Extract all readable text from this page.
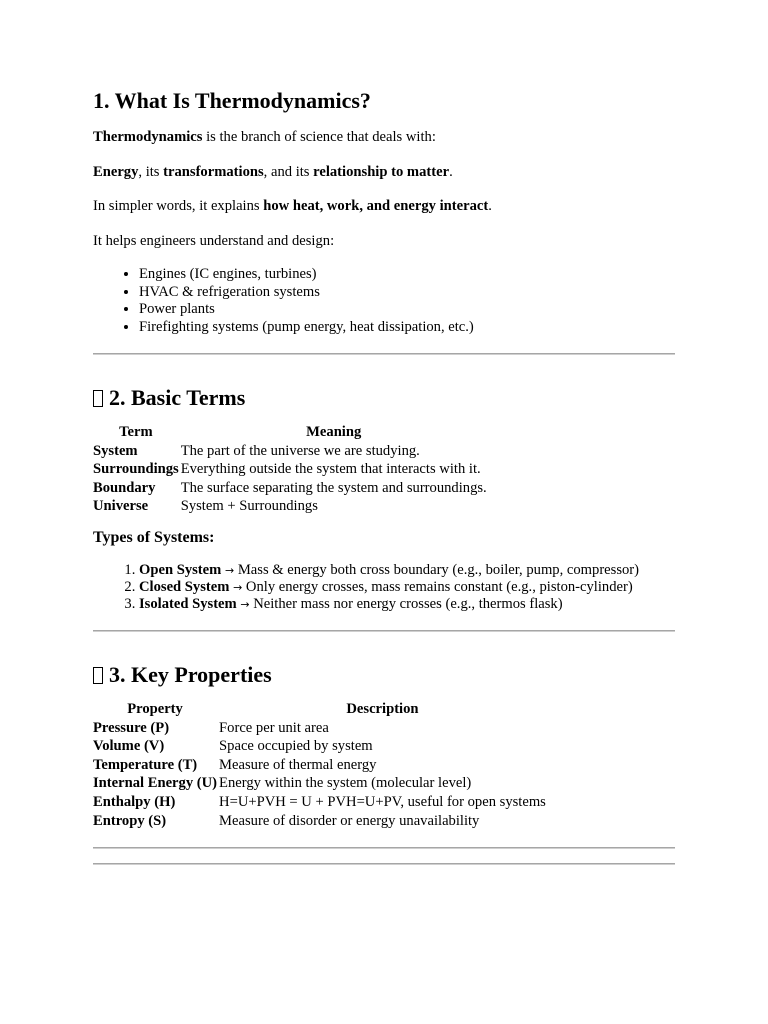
1. What Is Thermodynamics?

Thermodynamics is the branch of science that deals with:

Energy, its transformations, and its relationship to matter.

In simpler words, it explains how heat, work, and energy interact.

It helps engineers understand and design:

• Engines (IC engines, turbines)
• HVAC & refrigeration systems
• Power plants
• Firefighting systems (pump energy, heat dissipation, etc.)
2. Basic Terms
Term	Meaning
System	The part of the universe we are studying.
Surroundings	Everything outside the system that interacts with it.
Boundary	The surface separating the system and surroundings.
Universe	System + Surroundings
Types of Systems:
1. Open System → Mass & energy both cross boundary (e.g., boiler, pump, compressor)
2. Closed System → Only energy crosses, mass remains constant (e.g., piston-cylinder)
3. Isolated System → Neither mass nor energy crosses (e.g., thermos flask)
3. Key Properties
Property	Description
Pressure (P)	Force per unit area
Volume (V)	Space occupied by system
Temperature (T)	Measure of thermal energy
Internal Energy (U)	Energy within the system (molecular level)
Enthalpy (H)	H=U+PVH = U + PVH=U+PV, useful for open systems
Entropy (S)	Measure of disorder or energy unavailability
